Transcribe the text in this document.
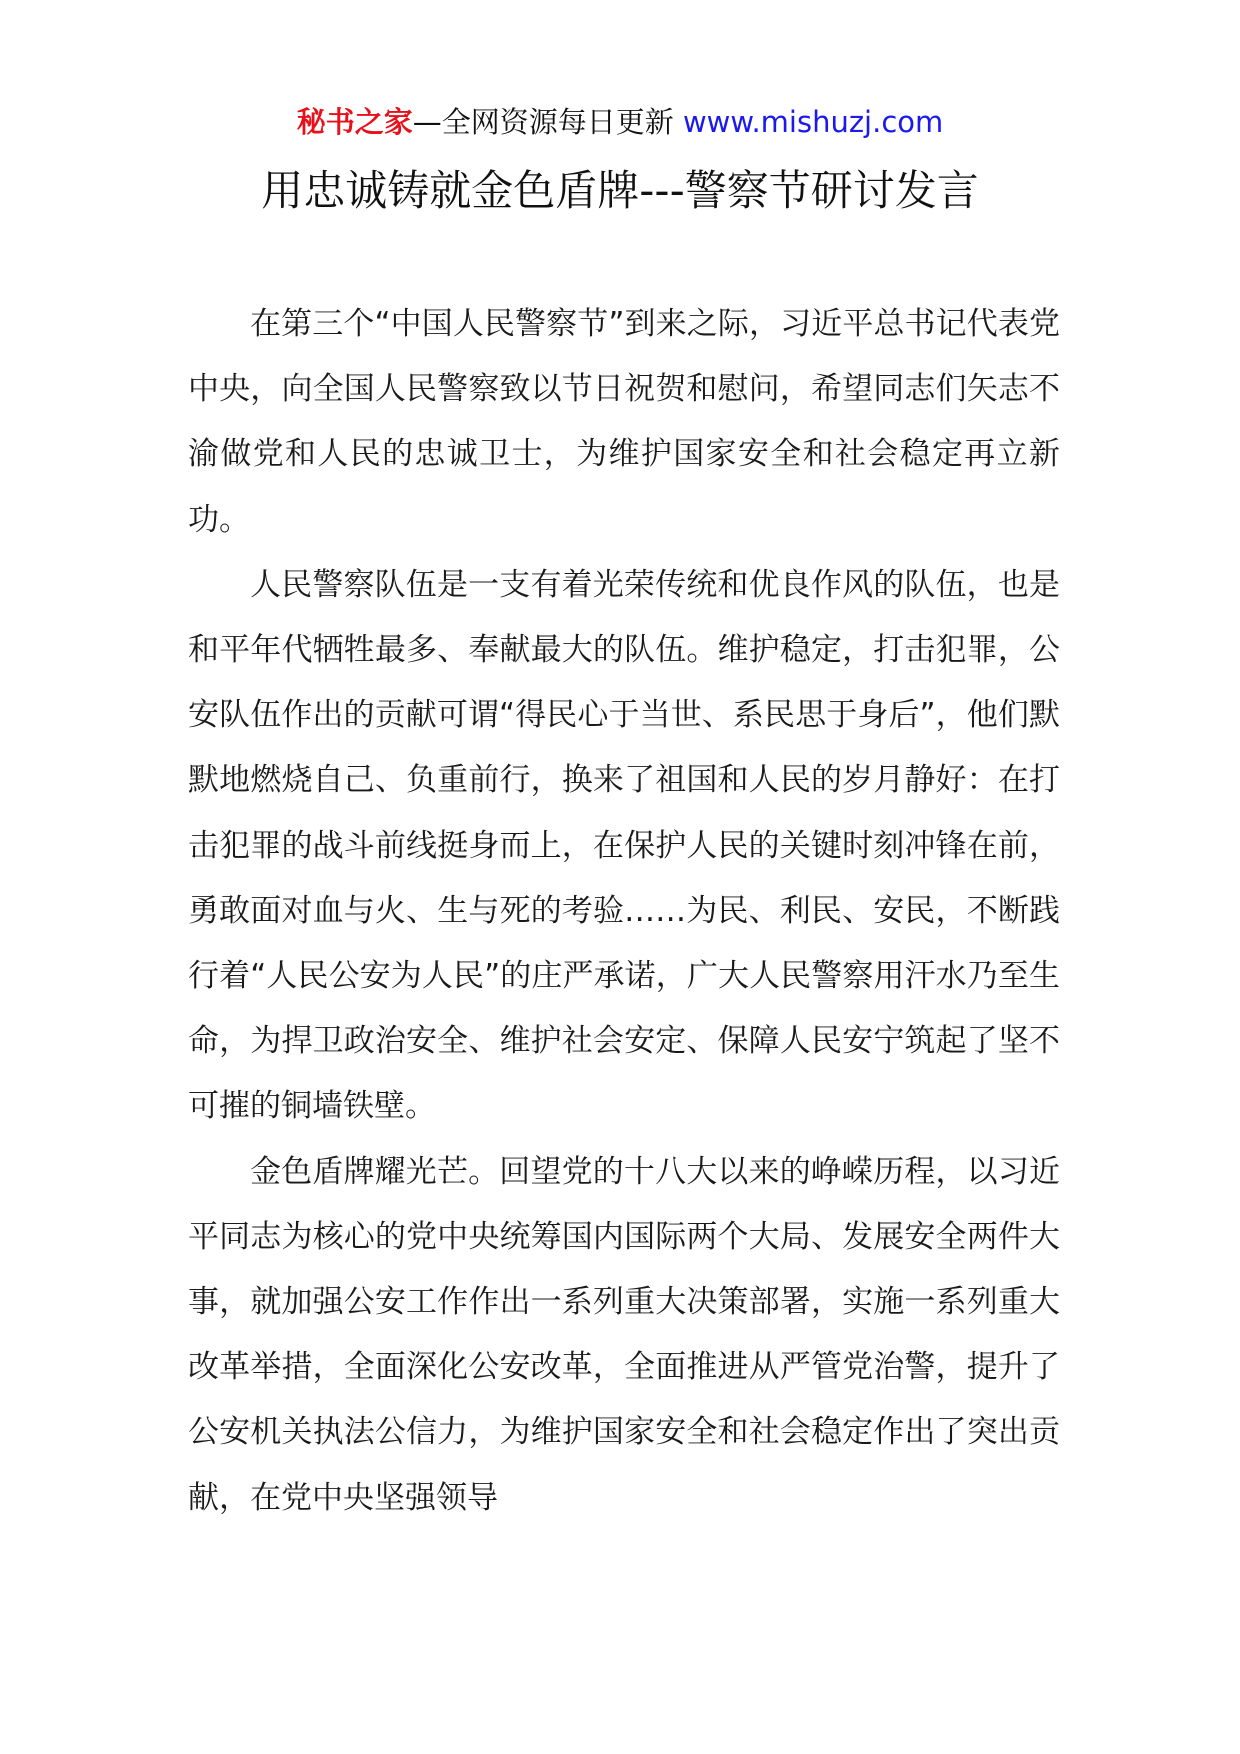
秘书之家—全网资源每日更新 www.mishuzj.com
用忠诚铸就金色盾牌---警察节研讨发言

在第三个“中国人民警察节”到来之际，习近平总书记代表党中央，向全国人民警察致以节日祝贺和慰问，希望同志们矢志不渝做党和人民的忠诚卫士，为维护国家安全和社会稳定再立新功。

人民警察队伍是一支有着光荣传统和优良作风的队伍，也是和平年代牺牲最多、奉献最大的队伍。维护稳定，打击犯罪，公安队伍作出的贡献可谓“得民心于当世、系民思于身后”，他们默默地燃烧自己、负重前行，换来了祖国和人民的岁月静好：在打击犯罪的战斗前线挺身而上，在保护人民的关键时刻冲锋在前，勇敢面对血与火、生与死的考验……为民、利民、安民，不断践行着“人民公安为人民”的庄严承诺，广大人民警察用汗水乃至生命，为捍卫政治安全、维护社会安定、保障人民安宁筑起了坚不可摧的铜墙铁壁。

金色盾牌耀光芒。回望党的十八大以来的峥嵘历程，以习近平同志为核心的党中央统筹国内国际两个大局、发展安全两件大事，就加强公安工作作出一系列重大决策部署，实施一系列重大改革举措，全面深化公安改革，全面推进从严管党治警，提升了公安机关执法公信力，为维护国家安全和社会稳定作出了突出贡献，在党中央坚强领导
